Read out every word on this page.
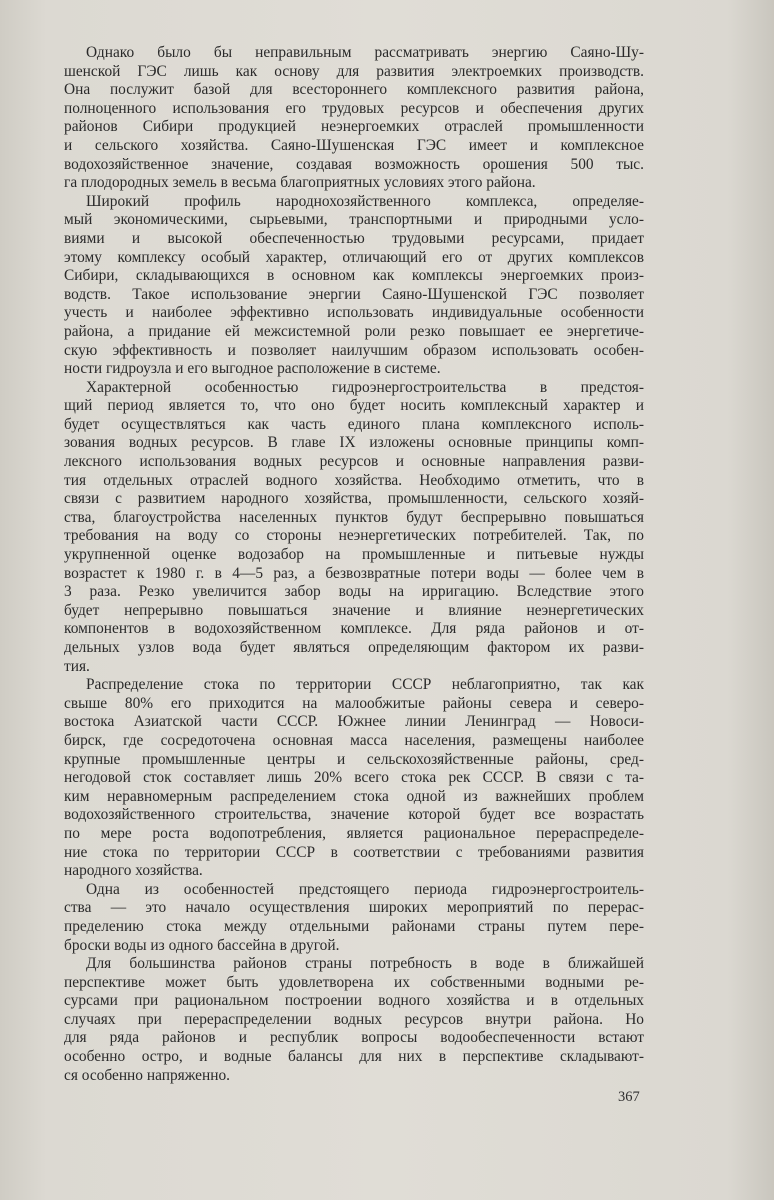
Однако было бы неправильным рассматривать энергию Саяно-Шу-
шенской ГЭС лишь как основу для развития электроемких производств.
Она послужит базой для всестороннего комплексного развития района,
полноценного использования его трудовых ресурсов и обеспечения других
районов Сибири продукцией неэнергоемких отраслей промышленности
и сельского хозяйства. Саяно-Шушенская ГЭС имеет и комплексное
водохозяйственное значение, создавая возможность орошения 500 тыс.
га плодородных земель в весьма благоприятных условиях этого района.
Широкий профиль народнохозяйственного комплекса, определяе-
мый экономическими, сырьевыми, транспортными и природными усло-
виями и высокой обеспеченностью трудовыми ресурсами, придает
этому комплексу особый характер, отличающий его от других комплексов
Сибири, складывающихся в основном как комплексы энергоемких произ-
водств. Такое использование энергии Саяно-Шушенской ГЭС позволяет
учесть и наиболее эффективно использовать индивидуальные особенности
района, а придание ей межсистемной роли резко повышает ее энергетиче-
скую эффективность и позволяет наилучшим образом использовать особен-
ности гидроузла и его выгодное расположение в системе.
Характерной особенностью гидроэнергостроительства в предстоя-
щий период является то, что оно будет носить комплексный характер и
будет осуществляться как часть единого плана комплексного исполь-
зования водных ресурсов. В главе IX изложены основные принципы комп-
лексного использования водных ресурсов и основные направления разви-
тия отдельных отраслей водного хозяйства. Необходимо отметить, что в
связи с развитием народного хозяйства, промышленности, сельского хозяй-
ства, благоустройства населенных пунктов будут беспрерывно повышаться
требования на воду со стороны неэнергетических потребителей. Так, по
укрупненной оценке водозабор на промышленные и питьевые нужды
возрастет к 1980 г. в 4—5 раз, а безвозвратные потери воды — более чем в
3 раза. Резко увеличится забор воды на ирригацию. Вследствие этого
будет непрерывно повышаться значение и влияние неэнергетических
компонентов в водохозяйственном комплексе. Для ряда районов и от-
дельных узлов вода будет являться определяющим фактором их разви-
тия.
Распределение стока по территории СССР неблагоприятно, так как
свыше 80% его приходится на малообжитые районы севера и северо-
востока Азиатской части СССР. Южнее линии Ленинград — Новоси-
бирск, где сосредоточена основная масса населения, размещены наиболее
крупные промышленные центры и сельскохозяйственные районы, сред-
негодовой сток составляет лишь 20% всего стока рек СССР. В связи с та-
ким неравномерным распределением стока одной из важнейших проблем
водохозяйственного строительства, значение которой будет все возрастать
по мере роста водопотребления, является рациональное перераспределе-
ние стока по территории СССР в соответствии с требованиями развития
народного хозяйства.
Одна из особенностей предстоящего периода гидроэнергостроитель-
ства — это начало осуществления широких мероприятий по перерас-
пределению стока между отдельными районами страны путем пере-
броски воды из одного бассейна в другой.
Для большинства районов страны потребность в воде в ближайшей
перспективе может быть удовлетворена их собственными водными ре-
сурсами при рациональном построении водного хозяйства и в отдельных
случаях при перераспределении водных ресурсов внутри района. Но
для ряда районов и республик вопросы водообеспеченности встают
особенно остро, и водные балансы для них в перспективе складывают-
ся особенно напряженно.
367
